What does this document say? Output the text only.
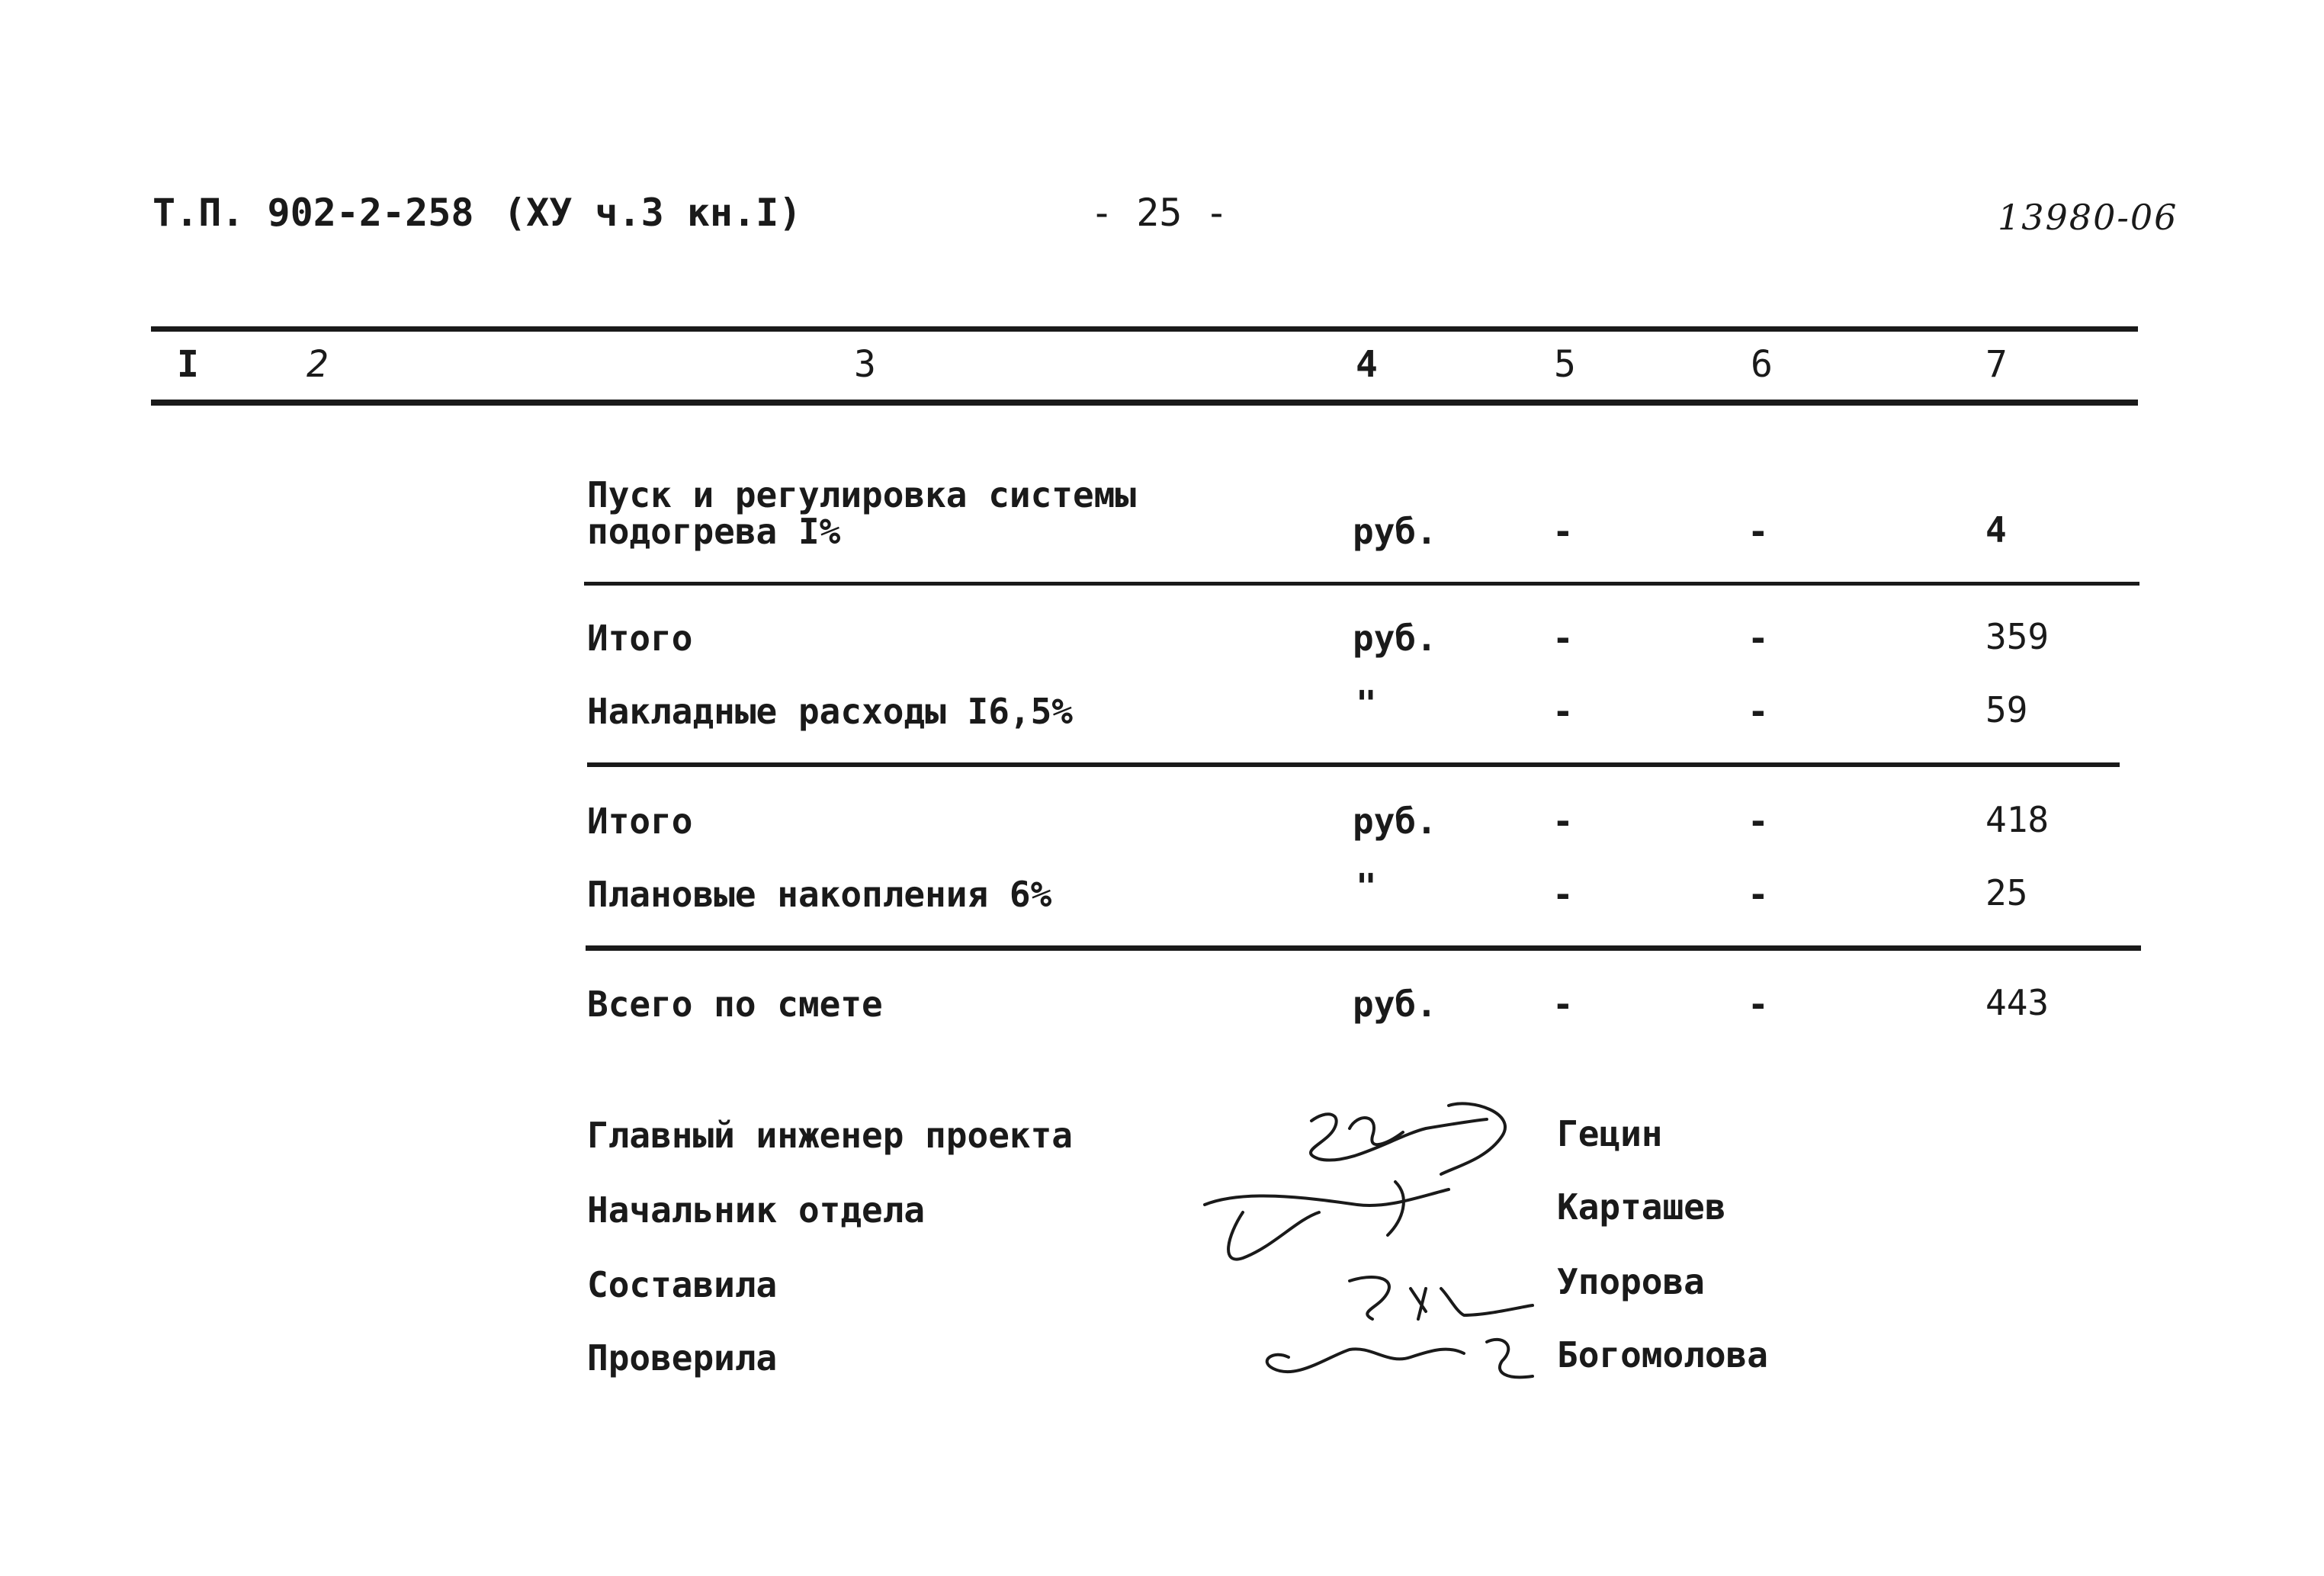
Т.П. 902-2-258 (ХУ ч.3 кн.I)	- 25 -	13980-06
I	2	3	4	5	6	7
Пуск и регулировка системы
подогрева I%	руб.	-	-	4
Итого	руб.	-	-	359
Накладные расходы I6,5%	"	-	-	59
Итого	руб.	-	-	418
Плановые накопления 6%	"	-	-	25
Всего по смете	руб.	-	-	443
Главный инженер проекта
Начальник отдела
Составила
Проверила
Гецин
Карташев
Упорова
Богомолова
